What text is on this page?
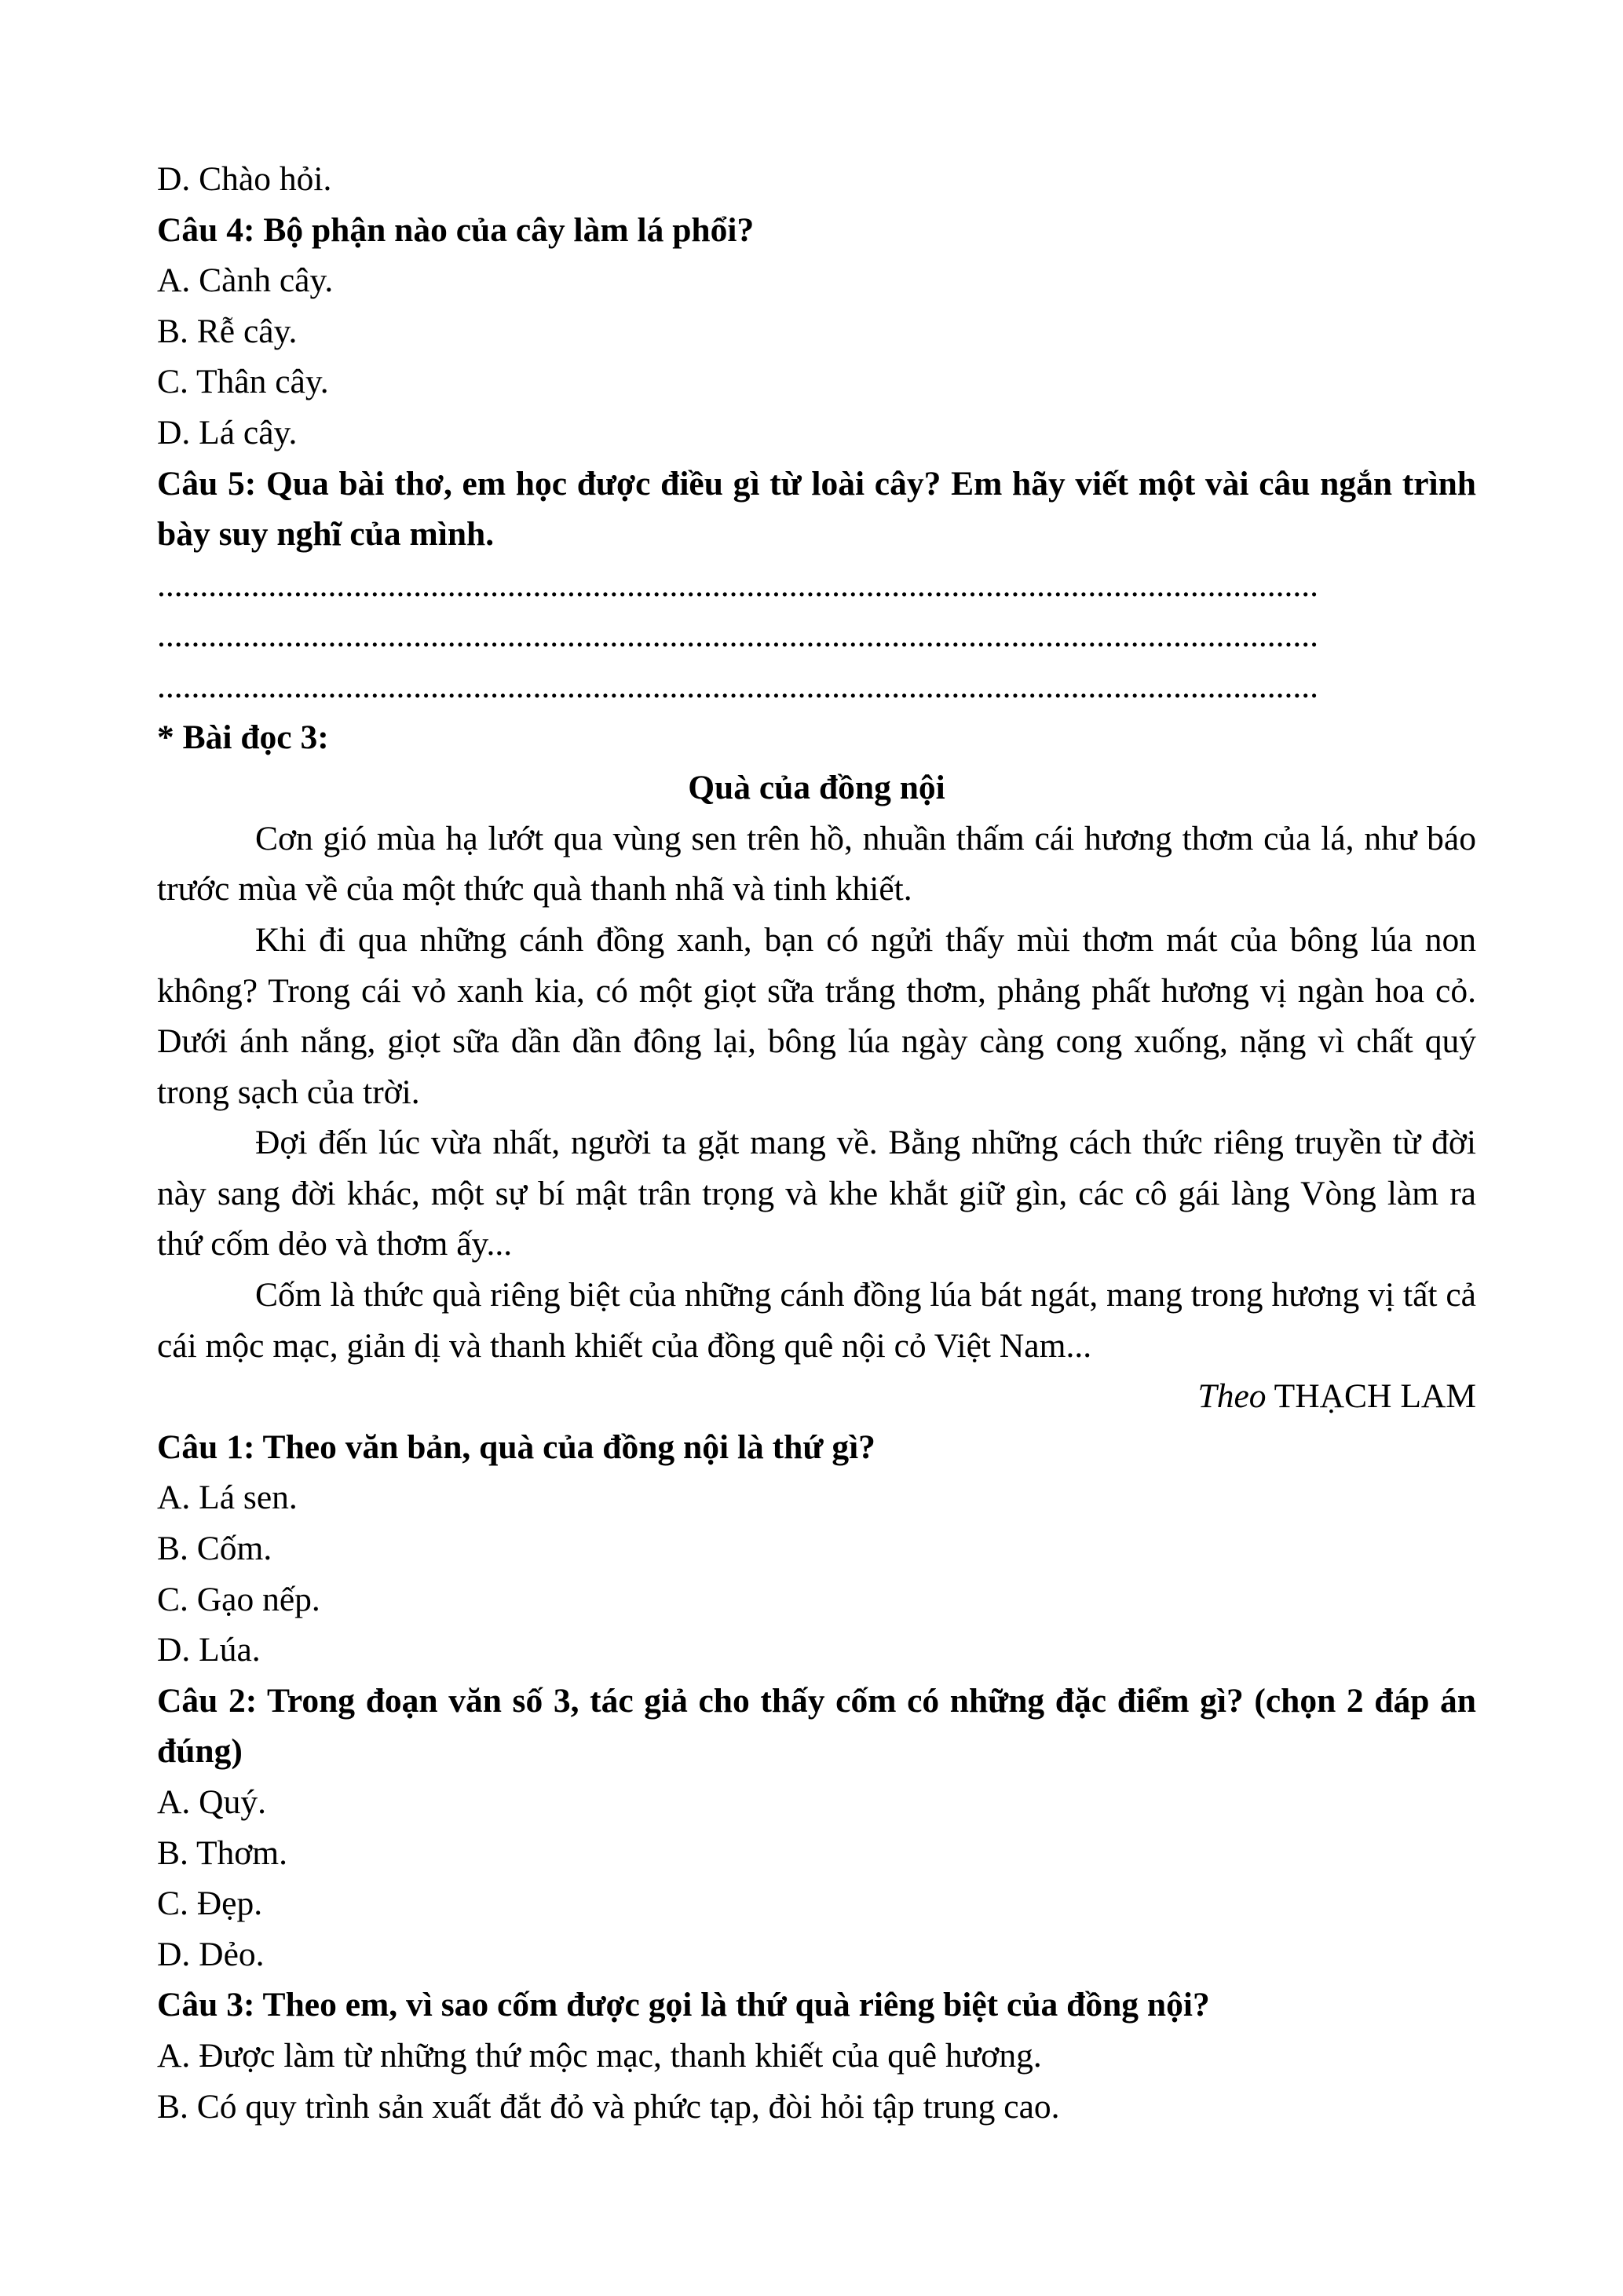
D. Chào hỏi.
Câu 4: Bộ phận nào của cây làm lá phổi?
A. Cành cây.
B. Rễ cây.
C. Thân cây.
D. Lá cây.
Câu 5: Qua bài thơ, em học được điều gì từ loài cây? Em hãy viết một vài câu ngắn trình bày suy nghĩ của mình.
........................................................................................................................................
........................................................................................................................................
........................................................................................................................................
* Bài đọc 3:
Quà của đồng nội
Cơn gió mùa hạ lướt qua vùng sen trên hồ, nhuần thấm cái hương thơm của lá, như báo trước mùa về của một thức quà thanh nhã và tinh khiết.
Khi đi qua những cánh đồng xanh, bạn có ngửi thấy mùi thơm mát của bông lúa non không? Trong cái vỏ xanh kia, có một giọt sữa trắng thơm, phảng phất hương vị ngàn hoa cỏ. Dưới ánh nắng, giọt sữa dần dần đông lại, bông lúa ngày càng cong xuống, nặng vì chất quý trong sạch của trời.
Đợi đến lúc vừa nhất, người ta gặt mang về. Bằng những cách thức riêng truyền từ đời này sang đời khác, một sự bí mật trân trọng và khe khắt giữ gìn, các cô gái làng Vòng làm ra thứ cốm dẻo và thơm ấy...
Cốm là thức quà riêng biệt của những cánh đồng lúa bát ngát, mang trong hương vị tất cả cái mộc mạc, giản dị và thanh khiết của đồng quê nội cỏ Việt Nam...
Theo THẠCH LAM
Câu 1: Theo văn bản, quà của đồng nội là thứ gì?
A. Lá sen.
B. Cốm.
C. Gạo nếp.
D. Lúa.
Câu 2: Trong đoạn văn số 3, tác giả cho thấy cốm có những đặc điểm gì? (chọn 2 đáp án đúng)
A. Quý.
B. Thơm.
C. Đẹp.
D. Dẻo.
Câu 3: Theo em, vì sao cốm được gọi là thứ quà riêng biệt của đồng nội?
A. Được làm từ những thứ mộc mạc, thanh khiết của quê hương.
B. Có quy trình sản xuất đắt đỏ và phức tạp, đòi hỏi tập trung cao.
